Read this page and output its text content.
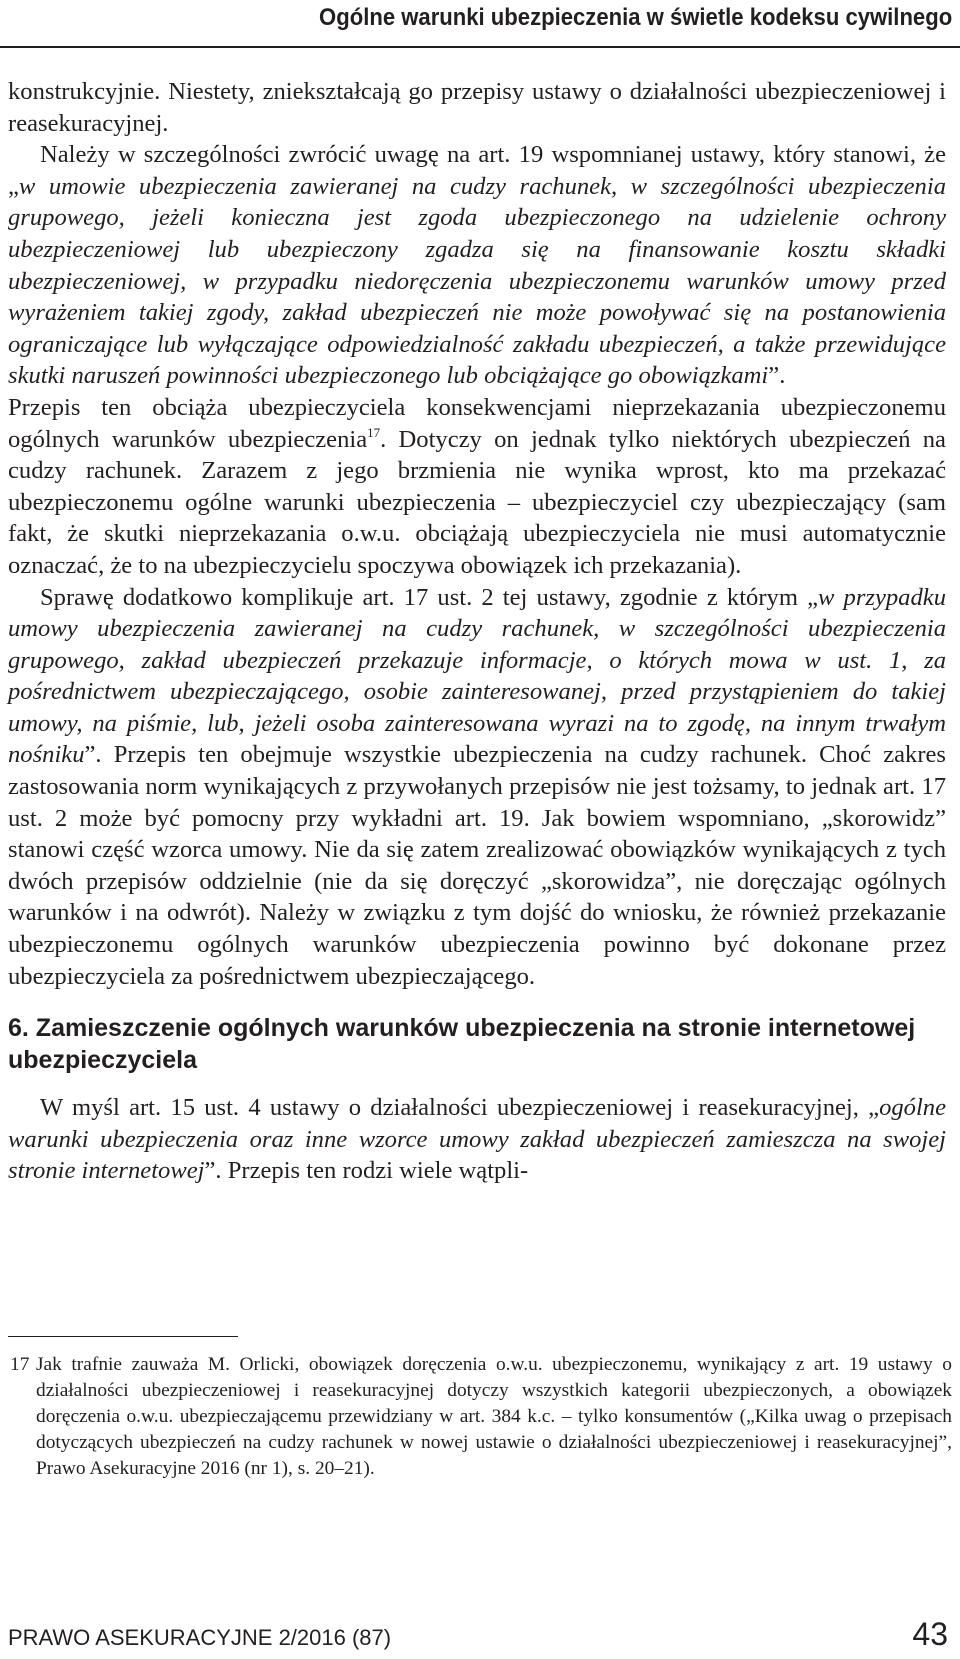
Ogólne warunki ubezpieczenia w świetle kodeksu cywilnego

konstrukcyjnie. Niestety, zniekształcają go przepisy ustawy o działalności ubezpieczeniowej i reasekuracyjnej.

Należy w szczególności zwrócić uwagę na art. 19 wspomnianej ustawy, który stanowi, że „w umowie ubezpieczenia zawieranej na cudzy rachunek, w szczególności ubezpieczenia grupowego, jeżeli konieczna jest zgoda ubezpieczonego na udzielenie ochrony ubezpieczeniowej lub ubezpieczony zgadza się na finansowanie kosztu składki ubezpieczeniowej, w przypadku niedoręczenia ubezpieczonemu warunków umowy przed wyrażeniem takiej zgody, zakład ubezpieczeń nie może powoływać się na postanowienia ograniczające lub wyłączające odpowiedzialność zakładu ubezpieczeń, a także przewidujące skutki naruszeń powinności ubezpieczonego lub obciążające go obowiązkami”.

Przepis ten obciąża ubezpieczyciela konsekwencjami nieprzekazania ubezpieczonemu ogólnych warunków ubezpieczenia$^{17}$. Dotyczy on jednak tylko niektórych ubezpieczeń na cudzy rachunek. Zarazem z jego brzmienia nie wynika wprost, kto ma przekazać ubezpieczonemu ogólne warunki ubezpieczenia – ubezpieczyciel czy ubezpieczający (sam fakt, że skutki nieprzekazania o.w.u. obciążają ubezpieczyciela nie musi automatycznie oznaczać, że to na ubezpieczycielu spoczywa obowiązek ich przekazania).

Sprawę dodatkowo komplikuje art. 17 ust. 2 tej ustawy, zgodnie z którym „w przypadku umowy ubezpieczenia zawieranej na cudzy rachunek, w szczególności ubezpieczenia grupowego, zakład ubezpieczeń przekazuje informacje, o których mowa w ust. 1, za pośrednictwem ubezpieczającego, osobie zainteresowanej, przed przystąpieniem do takiej umowy, na piśmie, lub, jeżeli osoba zainteresowana wyrazi na to zgodę, na innym trwałym nośniku”. Przepis ten obejmuje wszystkie ubezpieczenia na cudzy rachunek. Choć zakres zastosowania norm wynikających z przywołanych przepisów nie jest tożsamy, to jednak art. 17 ust. 2 może być pomocny przy wykładni art. 19. Jak bowiem wspomniano, „skorowidz” stanowi część wzorca umowy. Nie da się zatem zrealizować obowiązków wynikających z tych dwóch przepisów oddzielnie (nie da się doręczyć „skorowidza”, nie doręczając ogólnych warunków i na odwrót). Należy w związku z tym dojść do wniosku, że również przekazanie ubezpieczonemu ogólnych warunków ubezpieczenia powinno być dokonane przez ubezpieczyciela za pośrednictwem ubezpieczającego.

6. Zamieszczenie ogólnych warunków ubezpieczenia na stronie internetowej ubezpieczyciela

W myśl art. 15 ust. 4 ustawy o działalności ubezpieczeniowej i reasekuracyjnej, „ogólne warunki ubezpieczenia oraz inne wzorce umowy zakład ubezpieczeń zamieszcza na swojej stronie internetowej”. Przepis ten rodzi wiele wątpli-

17 Jak trafnie zauważa M. Orlicki, obowiązek doręczenia o.w.u. ubezpieczonemu, wynikający z art. 19 ustawy o działalności ubezpieczeniowej i reasekuracyjnej dotyczy wszystkich kategorii ubezpieczonych, a obowiązek doręczenia o.w.u. ubezpieczającemu przewidziany w art. 384 k.c. – tylko konsumentów („Kilka uwag o przepisach dotyczących ubezpieczeń na cudzy rachunek w nowej ustawie o działalności ubezpieczeniowej i reasekuracyjnej”, Prawo Asekuracyjne 2016 (nr 1), s. 20–21).
PRAWO ASEKURACYJNE 2/2016 (87)	43
